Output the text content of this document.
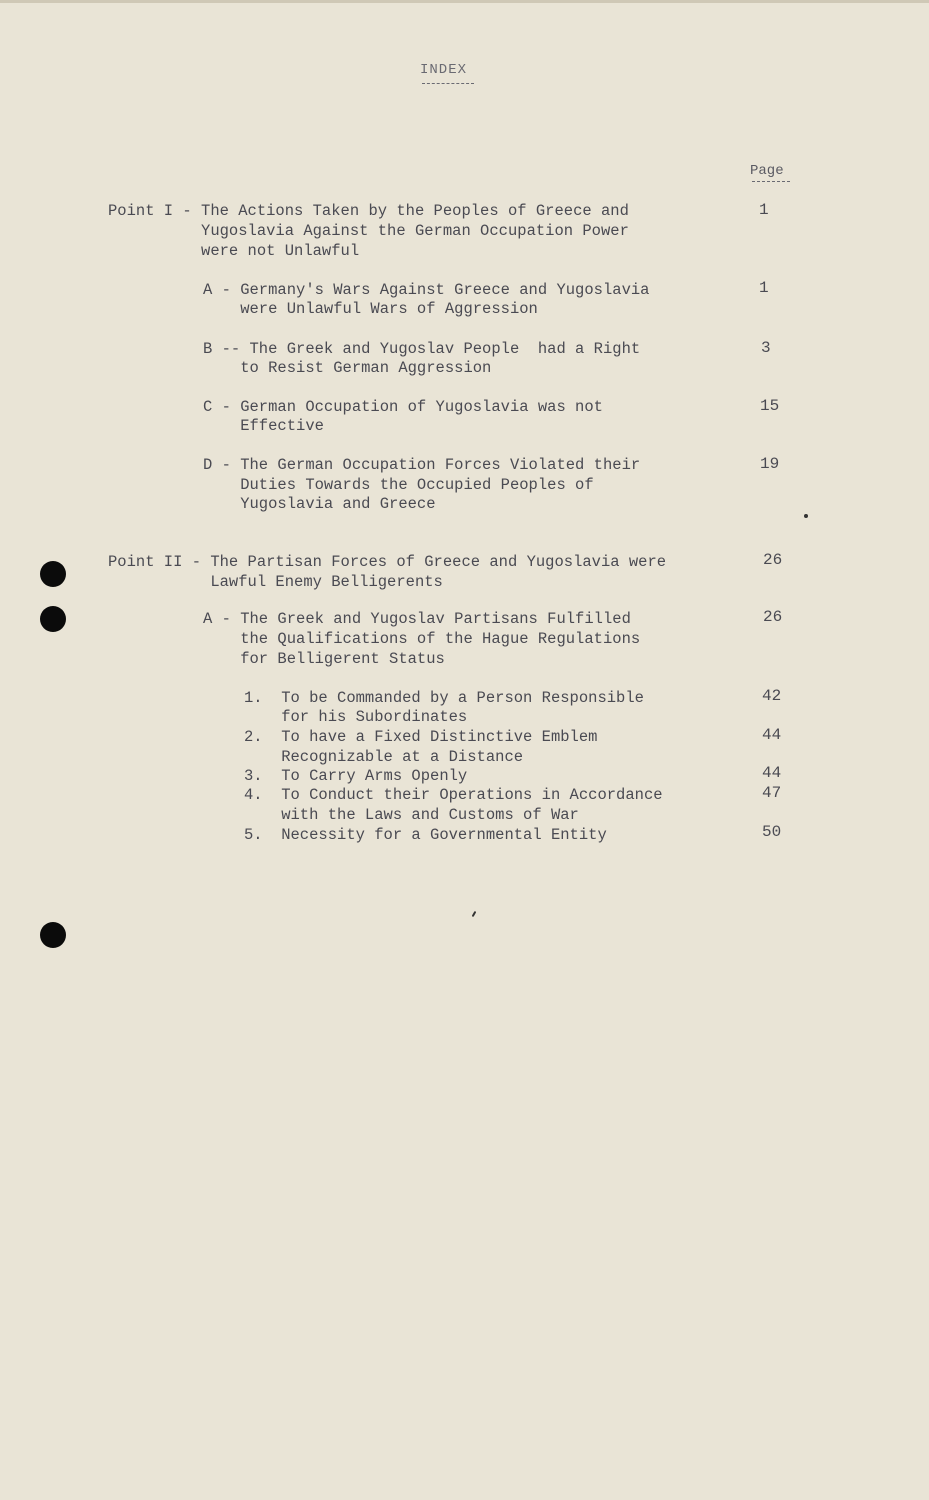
INDEX
Page
Point I - The Actions Taken by the Peoples of Greece and
Yugoslavia Against the German Occupation Power
were not Unlawful
1
A - Germany's Wars Against Greece and Yugoslavia
were Unlawful Wars of Aggression
1
B -- The Greek and Yugoslav People  had a Right
to Resist German Aggression
3
C - German Occupation of Yugoslavia was not
Effective
15
D - The German Occupation Forces Violated their
Duties Towards the Occupied Peoples of
Yugoslavia and Greece
19
Point II - The Partisan Forces of Greece and Yugoslavia were
Lawful Enemy Belligerents
26
A - The Greek and Yugoslav Partisans Fulfilled
the Qualifications of the Hague Regulations
for Belligerent Status
26
1.  To be Commanded by a Person Responsible
for his Subordinates
42
2.  To have a Fixed Distinctive Emblem
Recognizable at a Distance
44
3.  To Carry Arms Openly	44
4.  To Conduct their Operations in Accordance
with the Laws and Customs of War
47
5.  Necessity for a Governmental Entity	50
